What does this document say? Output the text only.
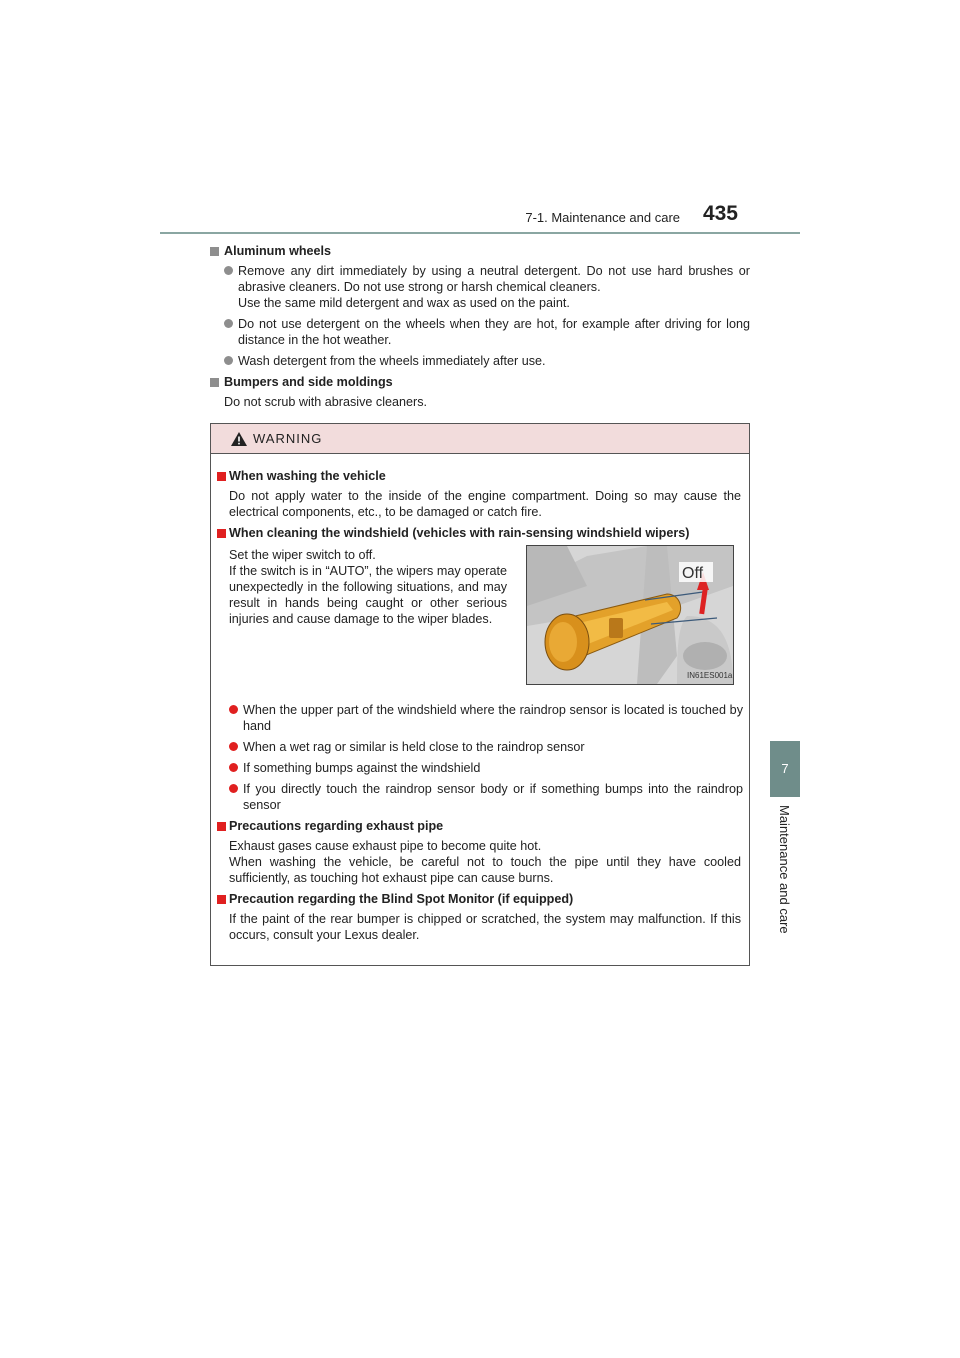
7-1. Maintenance and care 435
7
Maintenance and care
Aluminum wheels
Remove any dirt immediately by using a neutral detergent. Do not use hard brushes or abrasive cleaners. Do not use strong or harsh chemical cleaners.
Use the same mild detergent and wax as used on the paint.
Do not use detergent on the wheels when they are hot, for example after driving for long distance in the hot weather.
Wash detergent from the wheels immediately after use.
Bumpers and side moldings
Do not scrub with abrasive cleaners.
WARNING
When washing the vehicle
Do not apply water to the inside of the engine compartment. Doing so may cause the electrical components, etc., to be damaged or catch fire.
When cleaning the windshield (vehicles with rain-sensing windshield wipers)
Set the wiper switch to off.
If the switch is in “AUTO”, the wipers may operate unexpectedly in the following situations, and may result in hands being caught or other serious injuries and cause damage to the wiper blades.
Off
IN61ES001a
When the upper part of the windshield where the raindrop sensor is located is touched by hand
When a wet rag or similar is held close to the raindrop sensor
If something bumps against the windshield
If you directly touch the raindrop sensor body or if something bumps into the raindrop sensor
Precautions regarding exhaust pipe
Exhaust gases cause exhaust pipe to become quite hot.
When washing the vehicle, be careful not to touch the pipe until they have cooled sufficiently, as touching hot exhaust pipe can cause burns.
Precaution regarding the Blind Spot Monitor (if equipped)
If the paint of the rear bumper is chipped or scratched, the system may malfunction. If this occurs, consult your Lexus dealer.
